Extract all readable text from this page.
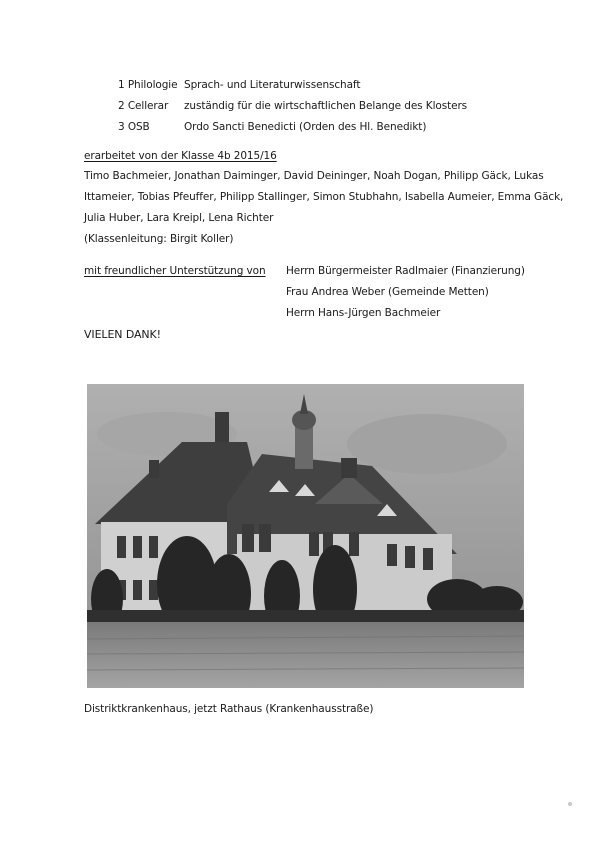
1 Philologie Sprach- und Literaturwissenschaft
2 Cellerar zuständig für die wirtschaftlichen Belange des Klosters
3 OSB	Ordo Sancti Benedicti (Orden des Hl. Benedikt)
erarbeitet von der Klasse 4b 2015/16
Timo Bachmeier, Jonathan Daiminger, David Deininger, Noah Dogan, Philipp Gäck, Lukas
Ittameier, Tobias Pfeuffer, Philipp Stallinger, Simon Stubhahn, Isabella Aumeier, Emma Gäck,
Julia Huber, Lara Kreipl, Lena Richter
(Klassenleitung: Birgit Koller)
mit freundlicher Unterstützung von Herrn Bürgermeister Radlmaier (Finanzierung)
Frau Andrea Weber (Gemeinde Metten)
Herrn Hans-Jürgen Bachmeier
VIELEN DANK!
Distriktkrankenhaus, jetzt Rathaus (Krankenhausstraße)
